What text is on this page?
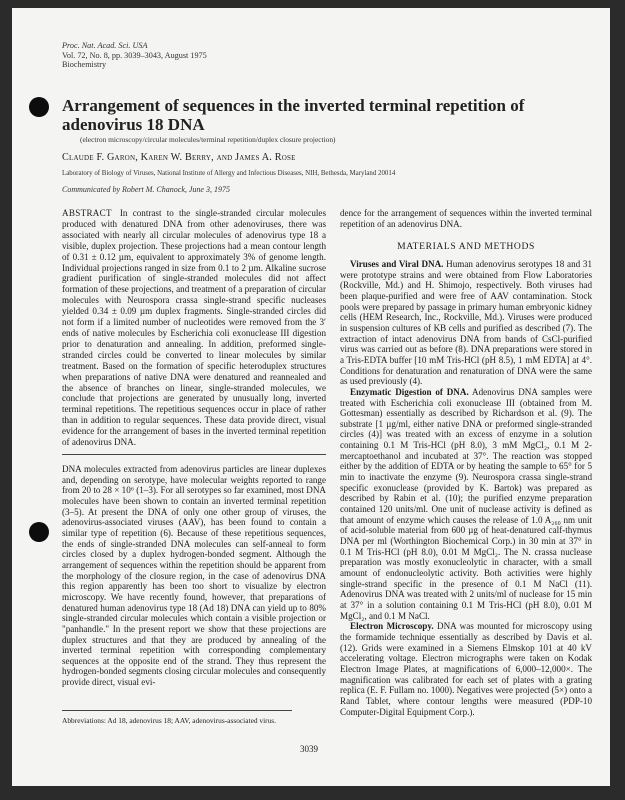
Proc. Nat. Acad. Sci. USA
Vol. 72, No. 8, pp. 3039–3043, August 1975
Biochemistry
Arrangement of sequences in the inverted terminal repetition of adenovirus 18 DNA
(electron microscopy/circular molecules/terminal repetition/duplex closure projection)
Claude F. Garon, Karen W. Berry, and James A. Rose
Laboratory of Biology of Viruses, National Institute of Allergy and Infectious Diseases, NIH, Bethesda, Maryland 20014
Communicated by Robert M. Chanock, June 3, 1975

ABSTRACT In contrast to the single-stranded circular molecules produced with denatured DNA from other adenoviruses, there was associated with nearly all circular molecules of adenovirus type 18 a visible, duplex projection. These projections had a mean contour length of 0.31 ± 0.12 µm, equivalent to approximately 3% of genome length. Individual projections ranged in size from 0.1 to 2 µm. Alkaline sucrose gradient purification of single-stranded molecules did not affect formation of these projections, and treatment of a preparation of circular molecules with Neurospora crassa single-strand specific nucleases yielded 0.34 ± 0.09 µm duplex fragments. Single-stranded circles did not form if a limited number of nucleotides were removed from the 3′ ends of native molecules by Escherichia coli exonuclease III digestion prior to denaturation and annealing. In addition, preformed single-stranded circles could be converted to linear molecules by similar treatment. Based on the formation of specific heteroduplex structures when preparations of native DNA were denatured and reannealed and the absence of branches on linear, single-stranded molecules, we conclude that projections are generated by unusually long, inverted terminal repetitions. The repetitious sequences occur in place of rather than in addition to regular sequences. These data provide direct, visual evidence for the arrangement of bases in the inverted terminal repetition of adenovirus DNA.

DNA molecules extracted from adenovirus particles are linear duplexes and, depending on serotype, have molecular weights reported to range from 20 to 28 × 10⁶ (1–3). For all serotypes so far examined, most DNA molecules have been shown to contain an inverted terminal repetition (3–5). At present the DNA of only one other group of viruses, the adenovirus-associated viruses (AAV), has been found to contain a similar type of repetition (6). Because of these repetitious sequences, the ends of single-stranded DNA molecules can self-anneal to form circles closed by a duplex hydrogen-bonded segment. Although the arrangement of sequences within the repetition should be apparent from the morphology of the closure region, in the case of adenovirus DNA this region apparently has been too short to visualize by electron microscopy. We have recently found, however, that preparations of denatured human adenovirus type 18 (Ad 18) DNA can yield up to 80% single-stranded circular molecules which contain a visible projection or "panhandle." In the present report we show that these projections are duplex structures and that they are produced by annealing of the inverted terminal repetition with corresponding complementary sequences at the opposite end of the strand. They thus represent the hydrogen-bonded segments closing circular molecules and consequently provide direct, visual evi-

dence for the arrangement of sequences within the inverted terminal repetition of an adenovirus DNA.

MATERIALS AND METHODS

Viruses and Viral DNA. Human adenovirus serotypes 18 and 31 were prototype strains and were obtained from Flow Laboratories (Rockville, Md.) and H. Shimojo, respectively. Both viruses had been plaque-purified and were free of AAV contamination. Stock pools were prepared by passage in primary human embryonic kidney cells (HEM Research, Inc., Rockville, Md.). Viruses were produced in suspension cultures of KB cells and purified as described (7). The extraction of intact adenovirus DNA from bands of CsCl-purified virus was carried out as before (8). DNA preparations were stored in a Tris-EDTA buffer [10 mM Tris-HCl (pH 8.5), 1 mM EDTA] at 4°. Conditions for denaturation and renaturation of DNA were the same as used previously (4).

Enzymatic Digestion of DNA. Adenovirus DNA samples were treated with Escherichia coli exonuclease III (obtained from M. Gottesman) essentially as described by Richardson et al. (9). The substrate [1 µg/ml, either native DNA or preformed single-stranded circles (4)] was treated with an excess of enzyme in a solution containing 0.1 M Tris-HCl (pH 8.0), 3 mM MgCl₂, 0.1 M 2-mercaptoethanol and incubated at 37°. The reaction was stopped either by the addition of EDTA or by heating the sample to 65° for 5 min to inactivate the enzyme (9). Neurospora crassa single-strand specific exonuclease (provided by K. Bartok) was prepared as described by Rabin et al. (10); the purified enzyme preparation contained 120 units/ml. One unit of nuclease activity is defined as that amount of enzyme which causes the release of 1.0 A₂₆₀ nm unit of acid-soluble material from 600 µg of heat-denatured calf-thymus DNA per ml (Worthington Biochemical Corp.) in 30 min at 37° in 0.1 M Tris-HCl (pH 8.0), 0.01 M MgCl₂. The N. crassa nuclease preparation was mostly exonucleolytic in character, with a small amount of endonucleolytic activity. Both activities were highly single-strand specific in the presence of 0.1 M NaCl (11). Adenovirus DNA was treated with 2 units/ml of nuclease for 15 min at 37° in a solution containing 0.1 M Tris-HCl (pH 8.0), 0.01 M MgCl₂, and 0.1 M NaCl.

Electron Microscopy. DNA was mounted for microscopy using the formamide technique essentially as described by Davis et al. (12). Grids were examined in a Siemens Elmskop 101 at 40 kV accelerating voltage. Electron micrographs were taken on Kodak Electron Image Plates, at magnifications of 6,000–12,000×. The magnification was calibrated for each set of plates with a grating replica (E. F. Fullam no. 1000). Negatives were projected (5×) onto a Rand Tablet, where contour lengths were measured (PDP-10 Computer-Digital Equipment Corp.).

Abbreviations: Ad 18, adenovirus 18; AAV, adenovirus-associated virus.
3039
